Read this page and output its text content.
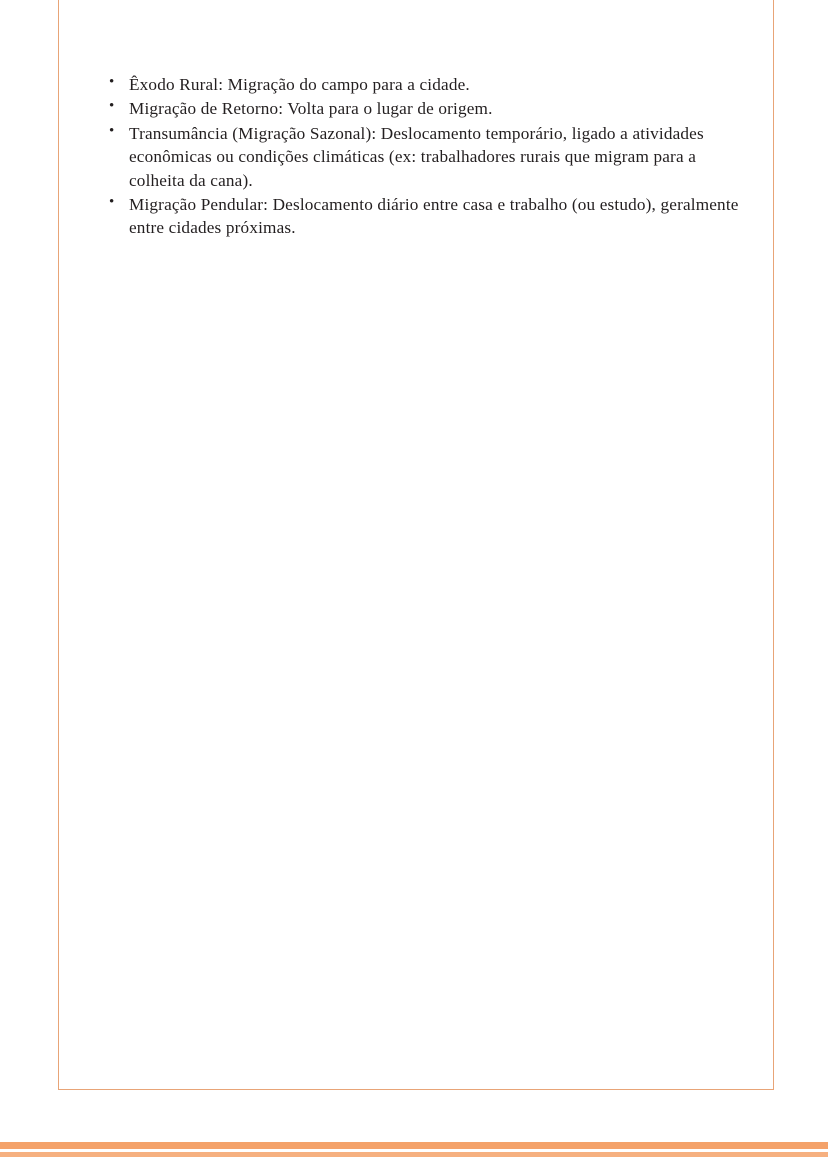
• Êxodo Rural: Migração do campo para a cidade.
• Migração de Retorno: Volta para o lugar de origem.
• Transumância (Migração Sazonal): Deslocamento temporário, ligado a atividades econômicas ou condições climáticas (ex: trabalhadores rurais que migram para a colheita da cana).
• Migração Pendular: Deslocamento diário entre casa e trabalho (ou estudo), geralmente entre cidades próximas.
